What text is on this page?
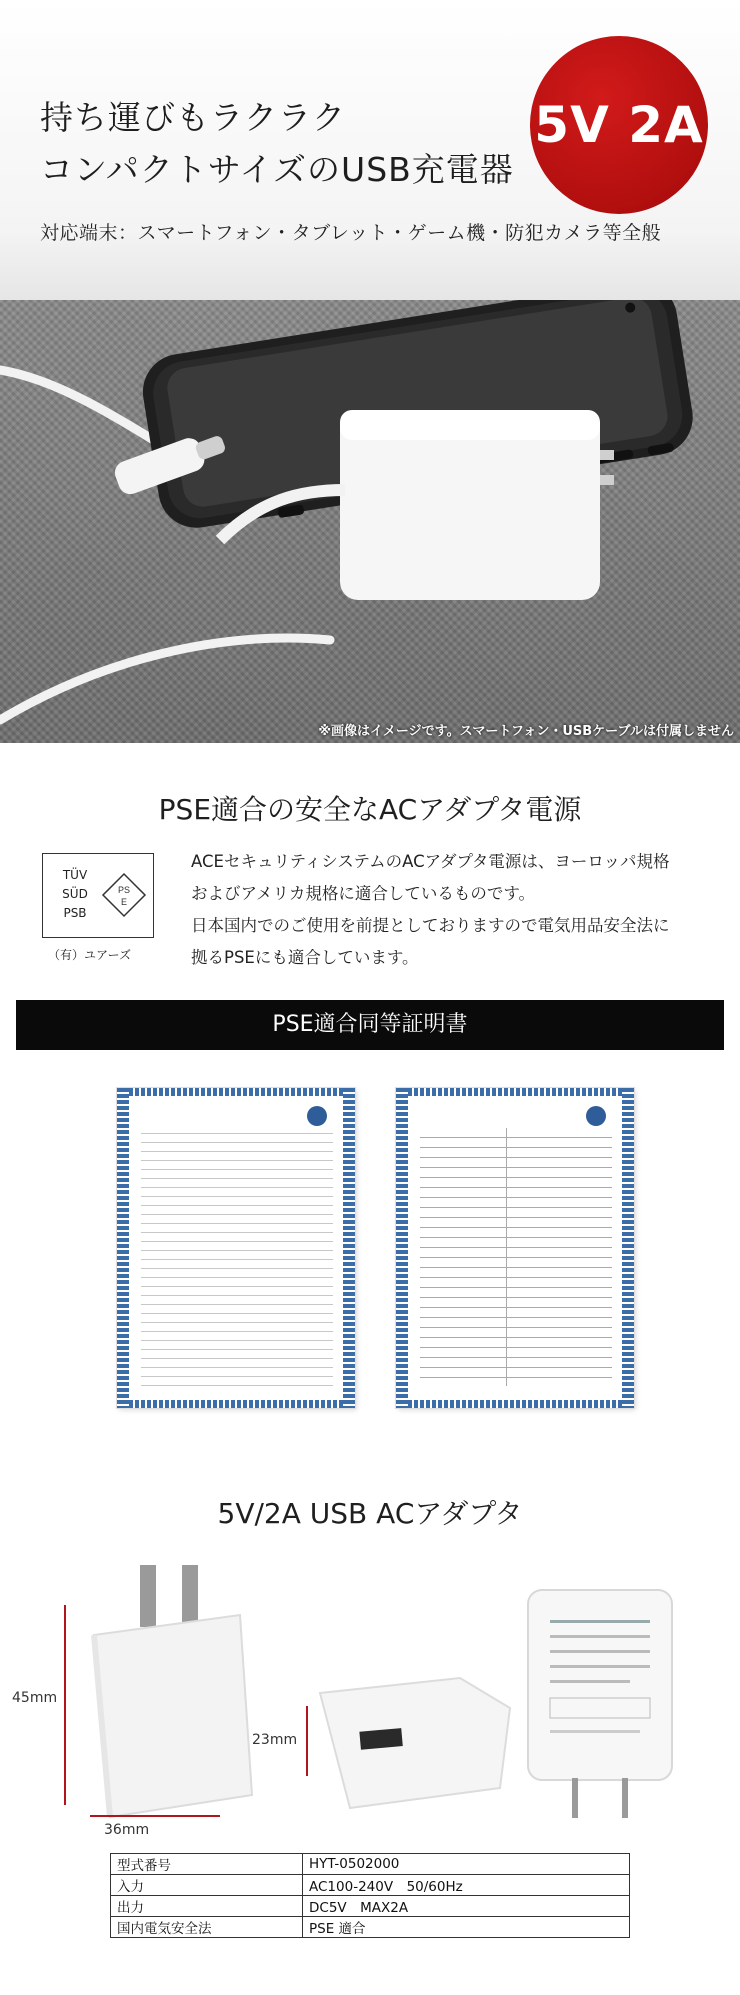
※画像はイメージです。スマートフォン・USBケーブルは付属しません
持ち運びもラクラク
コンパクトサイズのUSB充電器
5V 2A
対応端末：スマートフォン・タブレット・ゲーム機・防犯カメラ等全般
PSE適合の安全なACアダプタ電源
TÜV
SÜD
PSB
PS
E
（有）ユアーズ
ACEセキュリティシステムのACアダプタ電源は、ヨーロッパ規格
およびアメリカ規格に適合しているものです。
日本国内でのご使用を前提としておりますので電気用品安全法に
拠るPSEにも適合しています。
PSE適合同等証明書
5V/2A USB ACアダプタ
45mm
36mm
23mm
型式番号	HYT-0502000
入力	AC100-240V　50/60Hz
出力	DC5V　MAX2A
国内電気安全法	PSE 適合
